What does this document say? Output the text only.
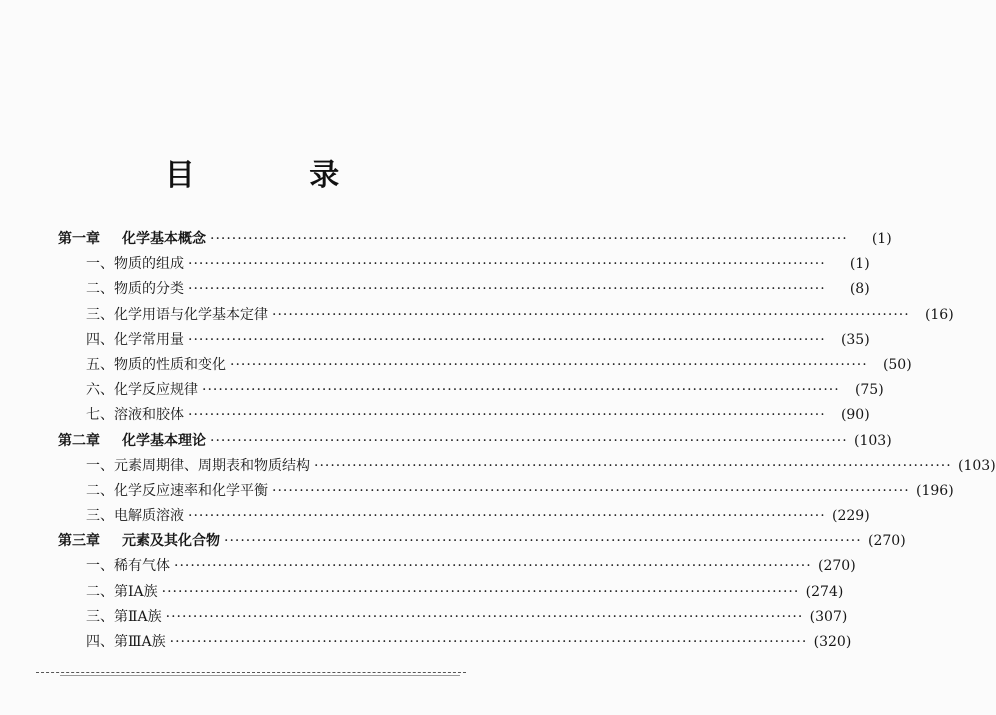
目 录
第一章	化学基本概念 ·····················································································································	(1)
一、 物质的组成 ·····················································································································	(1)
二、 物质的分类 ·····················································································································	(8)
三、 化学用语与化学基本定律 ·····················································································································	(16)
四、 化学常用量 ·····················································································································	(35)
五、 物质的性质和变化 ·····················································································································	(50)
六、 化学反应规律 ·····················································································································	(75)
七、 溶液和胶体 ·····················································································································	(90)
第二章	化学基本理论 ····················································································································· (103)
一、 元素周期律、周期表和物质结构 ····················································································································· (103)
二、 化学反应速率和化学平衡 ····················································································································· (196)
三、 电解质溶液 ····················································································································· (229)
第三章	元素及其化合物 ····················································································································· (270)
一、 稀有气体 ····················································································································· (270)
二、 第ⅠA族 ····················································································································· (274)
三、 第ⅡA族 ····················································································································· (307)
四、 第ⅢA族 ····················································································································· (320)
